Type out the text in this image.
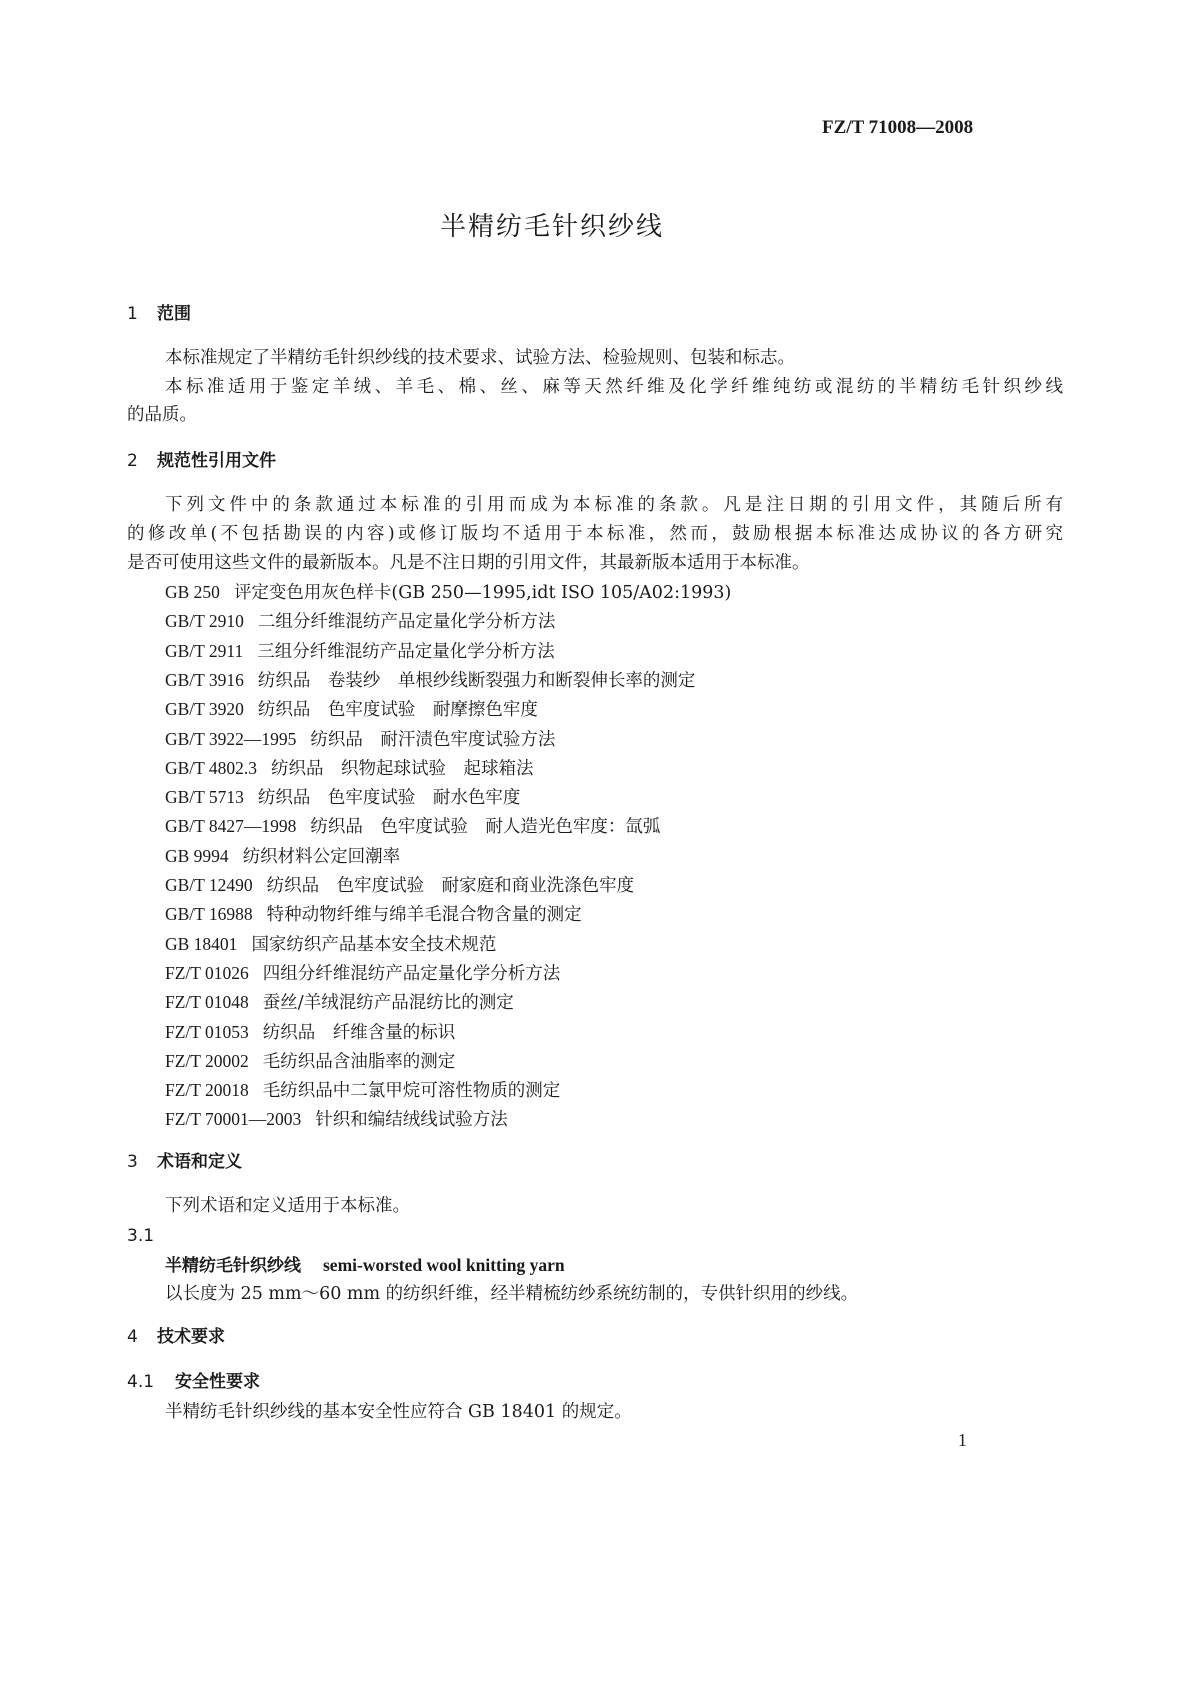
FZ/T 71008—2008
半精纺毛针织纱线
1 范围
本标准规定了半精纺毛针织纱线的技术要求、试验方法、检验规则、包装和标志。
本标准适用于鉴定羊绒、羊毛、棉、丝、麻等天然纤维及化学纤维纯纺或混纺的半精纺毛针织纱线
的品质。
2 规范性引用文件
下列文件中的条款通过本标准的引用而成为本标准的条款。凡是注日期的引用文件，其随后所有
的修改单(不包括勘误的内容)或修订版均不适用于本标准，然而，鼓励根据本标准达成协议的各方研究
是否可使用这些文件的最新版本。凡是不注日期的引用文件，其最新版本适用于本标准。
GB 250 评定变色用灰色样卡(GB 250—1995,idt ISO 105/A02:1993)
GB/T 2910 二组分纤维混纺产品定量化学分析方法
GB/T 2911 三组分纤维混纺产品定量化学分析方法
GB/T 3916 纺织品　卷装纱　单根纱线断裂强力和断裂伸长率的测定
GB/T 3920 纺织品　色牢度试验　耐摩擦色牢度
GB/T 3922—1995 纺织品　耐汗渍色牢度试验方法
GB/T 4802.3 纺织品　织物起球试验　起球箱法
GB/T 5713 纺织品　色牢度试验　耐水色牢度
GB/T 8427—1998 纺织品　色牢度试验　耐人造光色牢度：氙弧
GB 9994 纺织材料公定回潮率
GB/T 12490 纺织品　色牢度试验　耐家庭和商业洗涤色牢度
GB/T 16988 特种动物纤维与绵羊毛混合物含量的测定
GB 18401 国家纺织产品基本安全技术规范
FZ/T 01026 四组分纤维混纺产品定量化学分析方法
FZ/T 01048 蚕丝/羊绒混纺产品混纺比的测定
FZ/T 01053 纺织品　纤维含量的标识
FZ/T 20002 毛纺织品含油脂率的测定
FZ/T 20018 毛纺织品中二氯甲烷可溶性物质的测定
FZ/T 70001—2003 针织和编结绒线试验方法
3 术语和定义
下列术语和定义适用于本标准。
3.1
半精纺毛针织纱线 semi-worsted wool knitting yarn
以长度为 25 mm～60 mm 的纺织纤维，经半精梳纺纱系统纺制的，专供针织用的纱线。
4 技术要求
4.1 安全性要求
半精纺毛针织纱线的基本安全性应符合 GB 18401 的规定。
1
